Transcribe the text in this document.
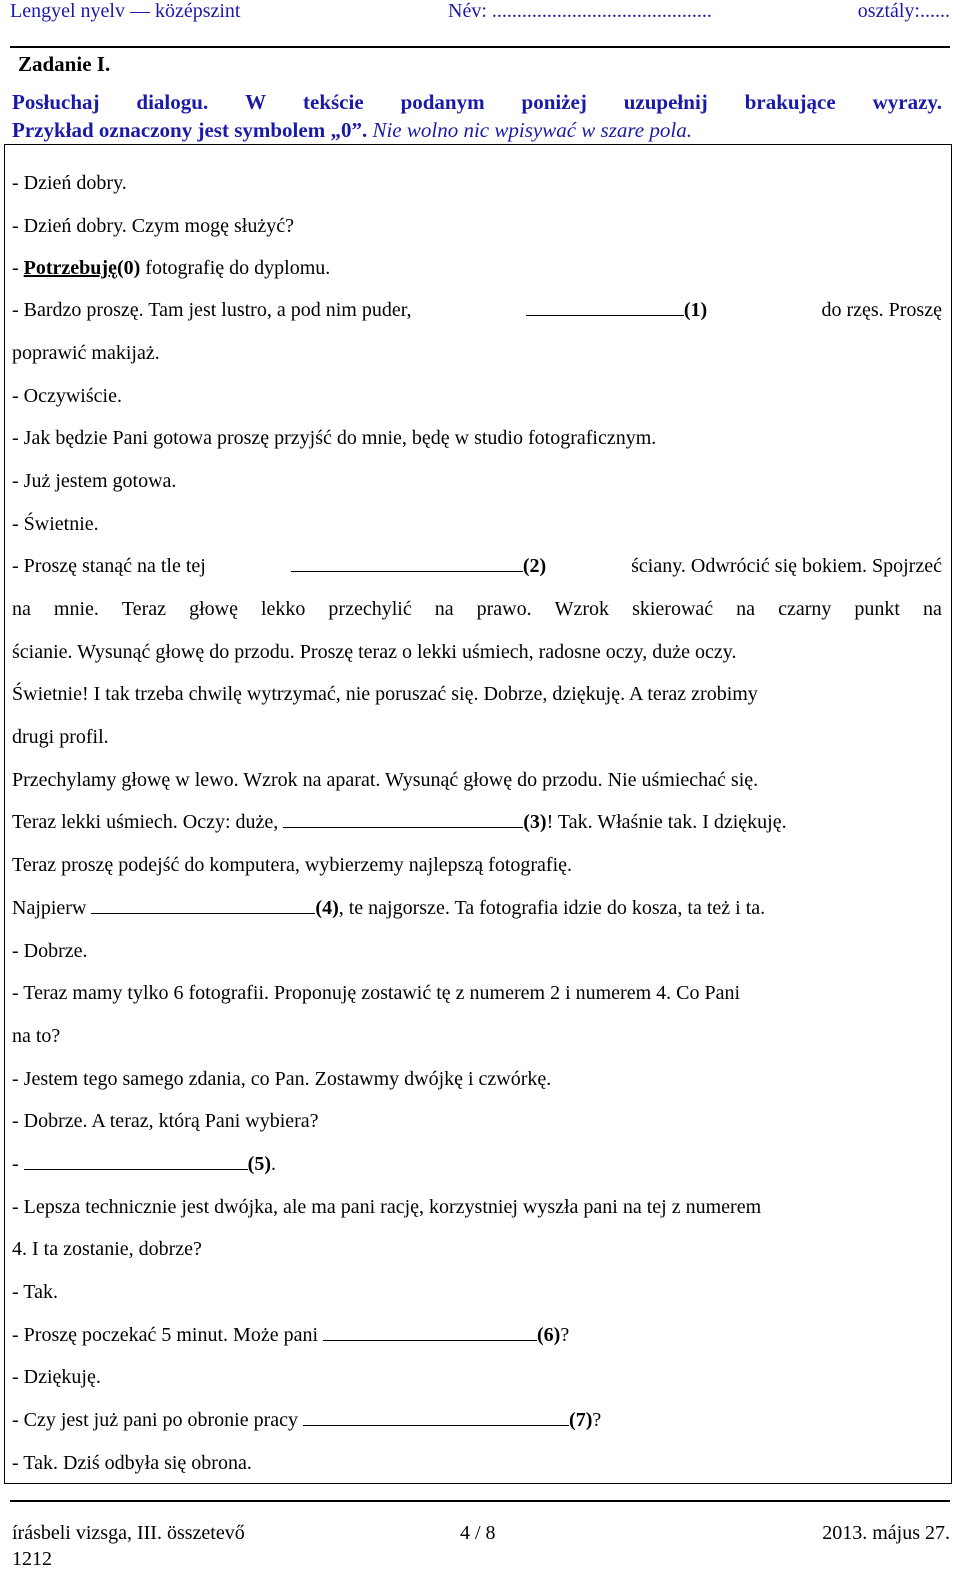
Lengyel nyelv — középszint	Név: ............................................	osztály:......
Zadanie I.
Posłuchaj dialogu. W tekście podanym poniżej uzupełnij brakujące wyrazy.
Przykład oznaczony jest symbolem „0”. Nie wolno nic wpisywać w szare pola.
- Dzień dobry.
- Dzień dobry. Czym mogę służyć?
- Potrzebuję(0) fotografię do dyplomu.
- Bardzo proszę. Tam jest lustro, a pod nim puder,	(1)	do rzęs. Proszę
poprawić makijaż.
- Oczywiście.
- Jak będzie Pani gotowa proszę przyjść do mnie, będę w studio fotograficznym.
- Już jestem gotowa.
- Świetnie.
- Proszę stanąć na tle tej	(2)	ściany. Odwrócić się bokiem. Spojrzeć
na mnie. Teraz głowę lekko przechylić na prawo. Wzrok skierować na czarny punkt na
ścianie. Wysunąć głowę do przodu. Proszę teraz o lekki uśmiech, radosne oczy, duże oczy.
Świetnie! I tak trzeba chwilę wytrzymać, nie poruszać się. Dobrze, dziękuję. A teraz zrobimy
drugi profil.
Przechylamy głowę w lewo. Wzrok na aparat. Wysunąć głowę do przodu. Nie uśmiechać się.
Teraz lekki uśmiech. Oczy: duże,	(3)! Tak. Właśnie tak. I dziękuję.
Teraz proszę podejść do komputera, wybierzemy najlepszą fotografię.
Najpierw	(4), te najgorsze. Ta fotografia idzie do kosza, ta też i ta.
- Dobrze.
- Teraz mamy tylko 6 fotografii. Proponuję zostawić tę z numerem 2 i numerem 4. Co Pani
na to?
- Jestem tego samego zdania, co Pan. Zostawmy dwójkę i czwórkę.
- Dobrze. A teraz, którą Pani wybiera?
-	(5).
- Lepsza technicznie jest dwójka, ale ma pani rację, korzystniej wyszła pani na tej z numerem
4. I ta zostanie, dobrze?
- Tak.
- Proszę poczekać 5 minut. Może pani	(6)?
- Dziękuję.
- Czy jest już pani po obronie pracy	(7)?
- Tak. Dziś odbyła się obrona.
írásbeli vizsga, III. összetevő	4 / 8	2013. május 27.
1212
